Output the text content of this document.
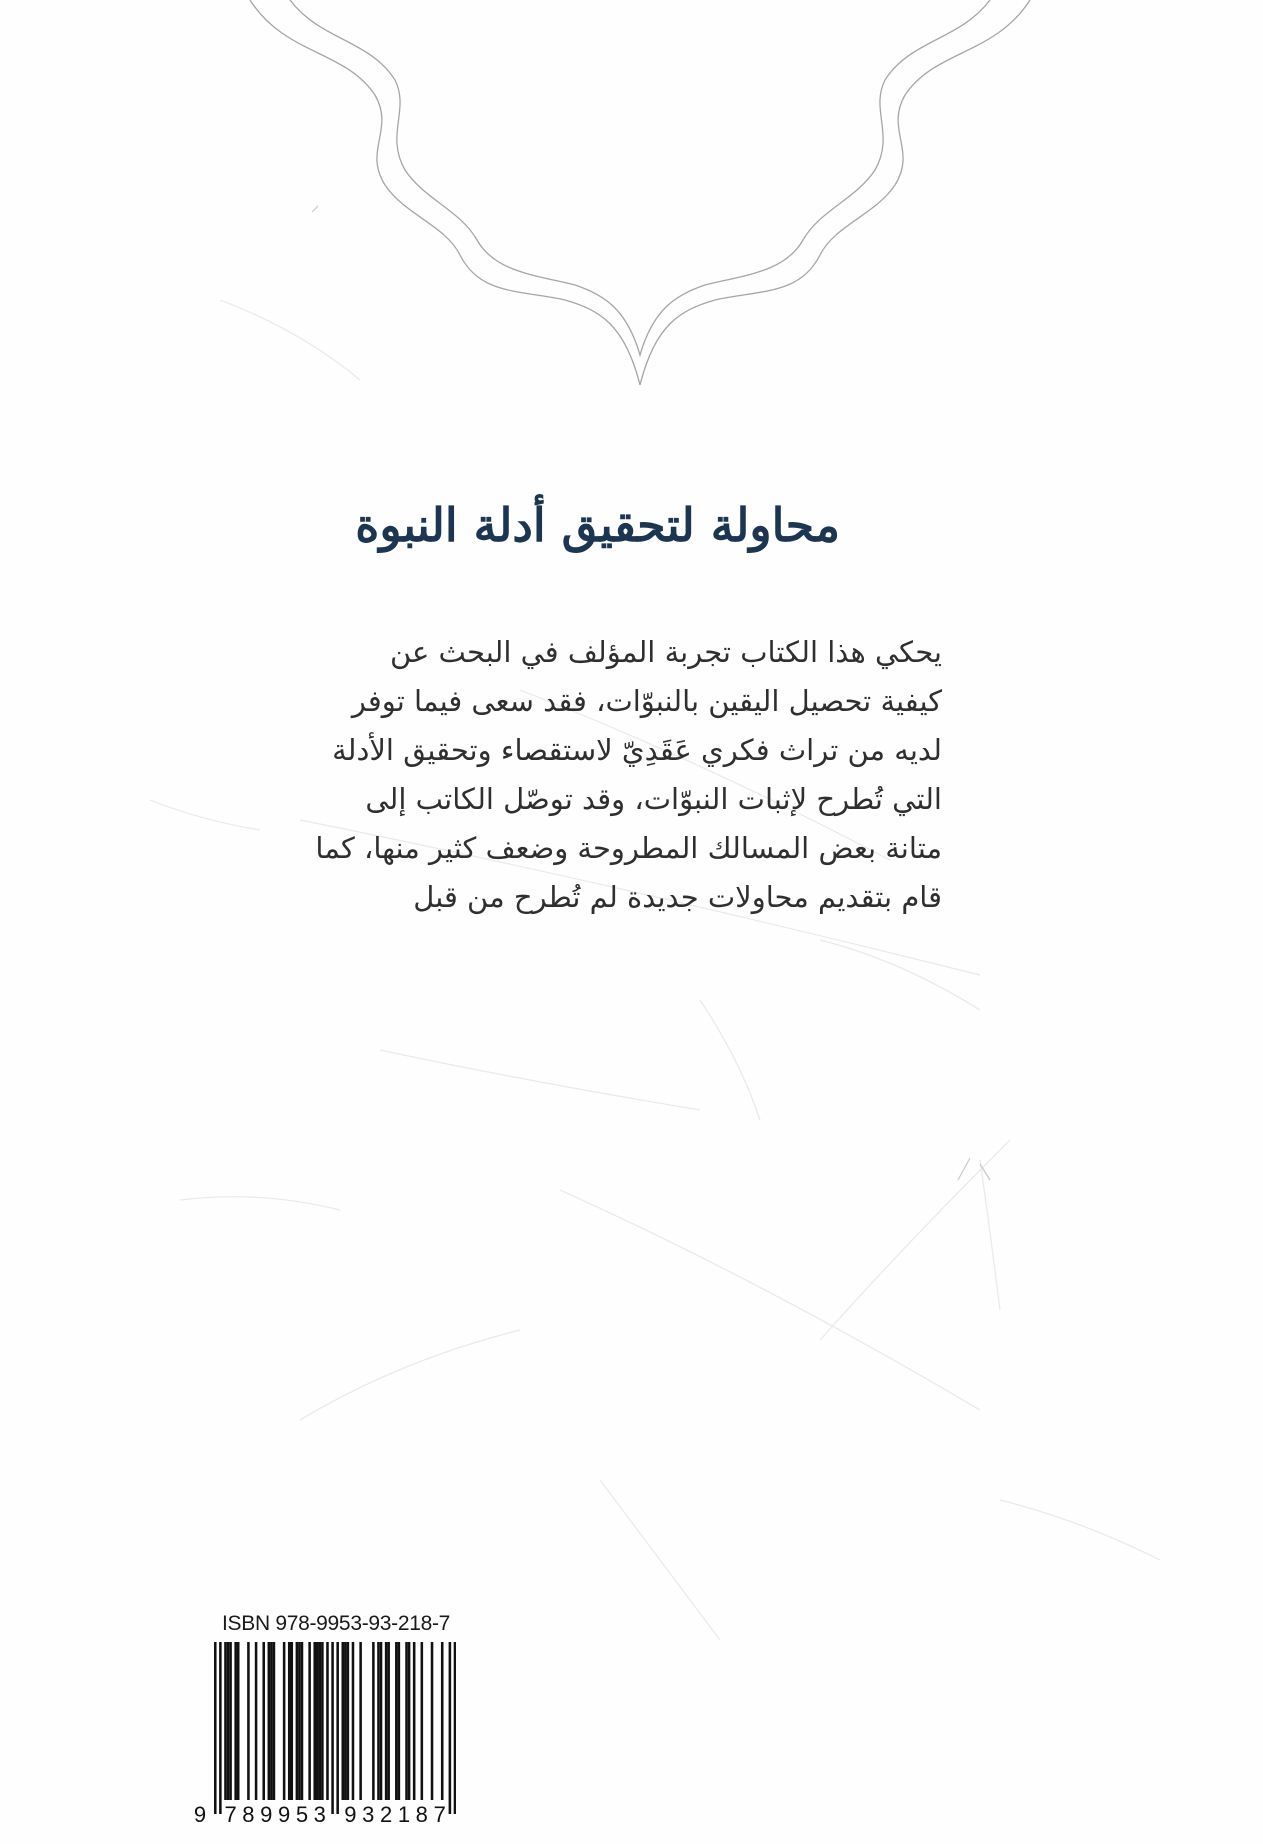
محاولة لتحقيق أدلة النبوة
يحكي هذا الكتاب تجربة المؤلف في البحث عن
كيفية تحصيل اليقين بالنبوّات، فقد سعى فيما توفر
لديه من تراث فكري عَقَدِيّ لاستقصاء وتحقيق الأدلة
التي تُطرح لإثبات النبوّات، وقد توصّل الكاتب إلى
متانة بعض المسالك المطروحة وضعف كثير منها، كما
قام بتقديم محاولات جديدة لم تُطرح من قبل
ISBN 978-9953-93-218-7
9 7 8 9 9 5 3 9 3 2 1 8 7
